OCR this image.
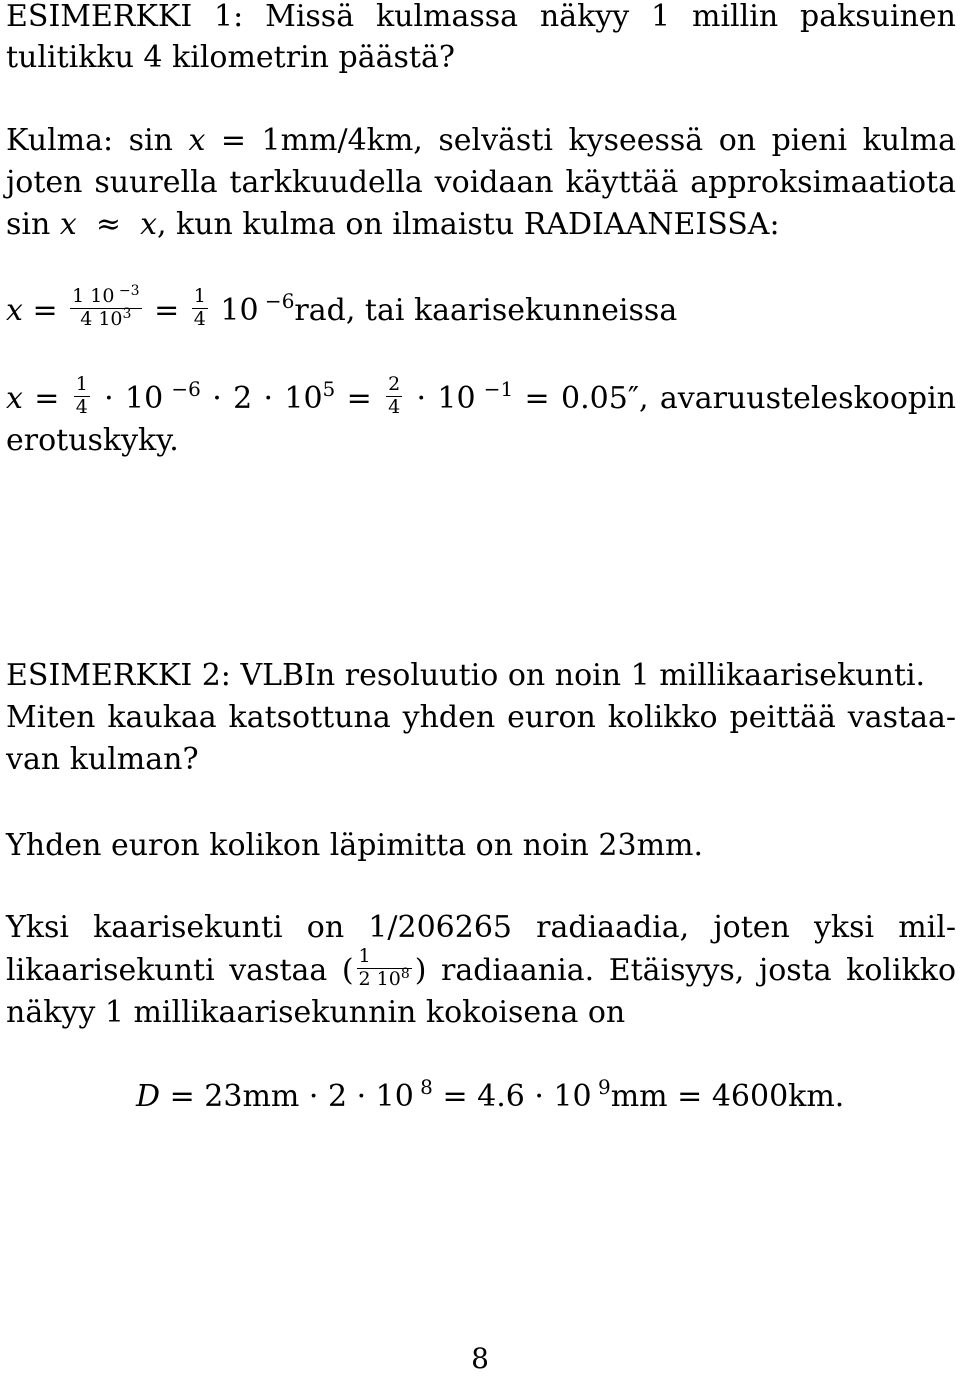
ESIMERKKI 1: Missä kulmassa näkyy 1 millin paksuinen
tulitikku 4 kilometrin päästä?
Kulma: sin x = 1mm/4km, selvästi kyseessä on pieni kulma
joten suurella tarkkuudella voidaan käyttää approksimaatiota
sin x  ≈  x, kun kulma on ilmaistu RADIAANEISSA:
$x = \frac{1 10 ^{-3}}{4 10^3} = \frac{1}{4} 10$ $^{-6}$rad, tai kaarisekunneissa
$x = \frac{1}{4} \cdot 10$ $^{-6} \cdot 2 \cdot 10^5 = \frac{2}{4} \cdot 10$ $^{-1}$ = 0.05″, avaruusteleskoopin
erotuskyky.
ESIMERKKI 2: VLBIn resoluutio on noin 1 millikaarisekunti.
Miten kaukaa katsottuna yhden euron kolikko peittää vastaa-
van kulman?
Yhden euron kolikon läpimitta on noin 23mm.
Yksi kaarisekunti on 1/206265 radiaadia, joten yksi mil-
likaarisekunti vastaa ( $\frac{1}{2 10^8}$ ) radiaania. Etäisyys, josta kolikko
näkyy 1 millikaarisekunnin kokoisena on
D = 23mm · 2 · 10 $^8$ = 4.6 · 10 $^9$mm = 4600km.
8
